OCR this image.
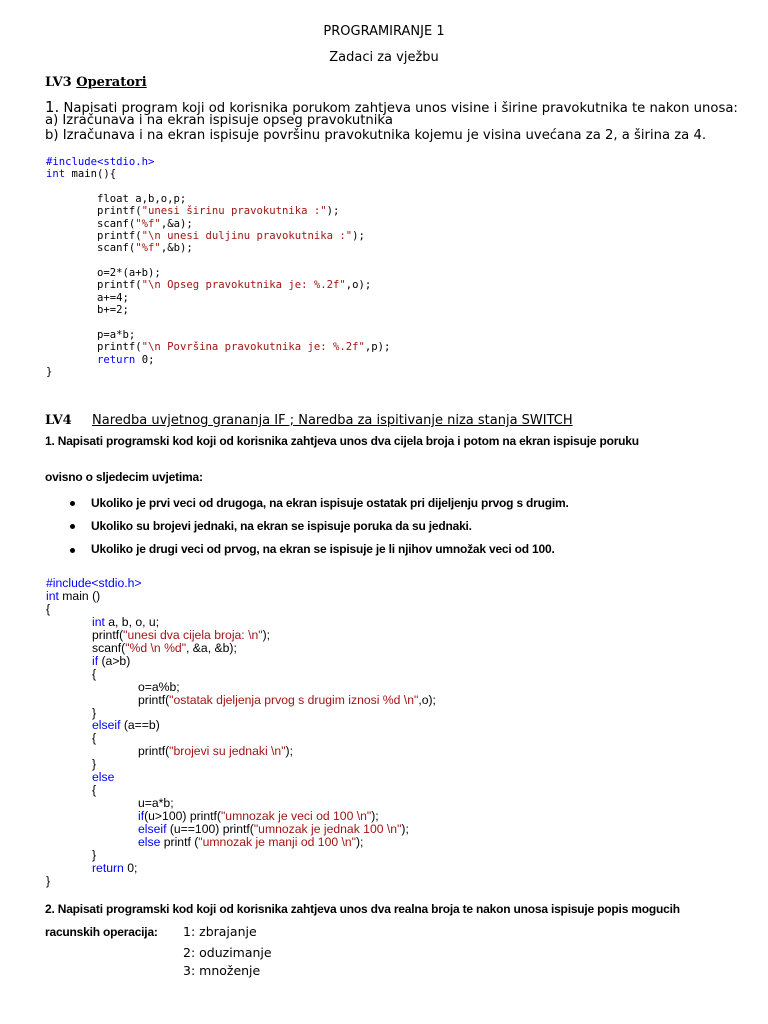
PROGRAMIRANJE 1
Zadaci za vježbu
LV3 Operatori
1. Napisati program koji od korisnika porukom zahtjeva unos visine i širine pravokutnika te nakon unosa:
a) Izračunava i na ekran ispisuje opseg pravokutnika
b) Izračunava i na ekran ispisuje površinu pravokutnika kojemu je visina uvećana za 2, a širina za 4.
#include<stdio.h>
int main(){

float a,b,o,p;
printf("unesi širinu pravokutnika :");
scanf("%f",&a);
printf("\n unesi duljinu pravokutnika :");
scanf("%f",&b);

o=2*(a+b);
printf("\n Opseg pravokutnika je: %.2f",o);
a+=4;
b+=2;

p=a*b;
printf("\n Površina pravokutnika je: %.2f",p);
return 0;
}
LV4 Naredba uvjetnog grananja IF ; Naredba za ispitivanje niza stanja SWITCH
1. Napisati programski kod koji od korisnika zahtjeva unos dva cijela broja i potom na ekran ispisuje poruku
ovisno o sljedecim uvjetima:
Ukoliko je prvi veci od drugoga, na ekran ispisuje ostatak pri dijeljenju prvog s drugim.
Ukoliko su brojevi jednaki, na ekran se ispisuje poruka da su jednaki.
Ukoliko je drugi veci od prvog, na ekran se ispisuje je li njihov umnožak veci od 100.
#include<stdio.h>
int main ()
{
	int a, b, o, u;
	printf("unesi dva cijela broja: \n");
	scanf("%d \n %d", &a, &b);
	if (a>b)
	{
		o=a%b;
		printf("ostatak djeljenja prvog s drugim iznosi %d \n",o);
	}
	elseif (a==b)
	{
		printf("brojevi su jednaki \n");
	}
	else
	{
		u=a*b;
		if(u>100) printf("umnozak je veci od 100 \n");
		elseif (u==100) printf("umnozak je jednak 100 \n");
		else printf ("umnozak je manji od 100 \n");
	}
	return 0;
}
2. Napisati programski kod koji od korisnika zahtjeva unos dva realna broja te nakon unosa ispisuje popis mogucih
racunskih operacija: 1: zbrajanje
2: oduzimanje
3: množenje
